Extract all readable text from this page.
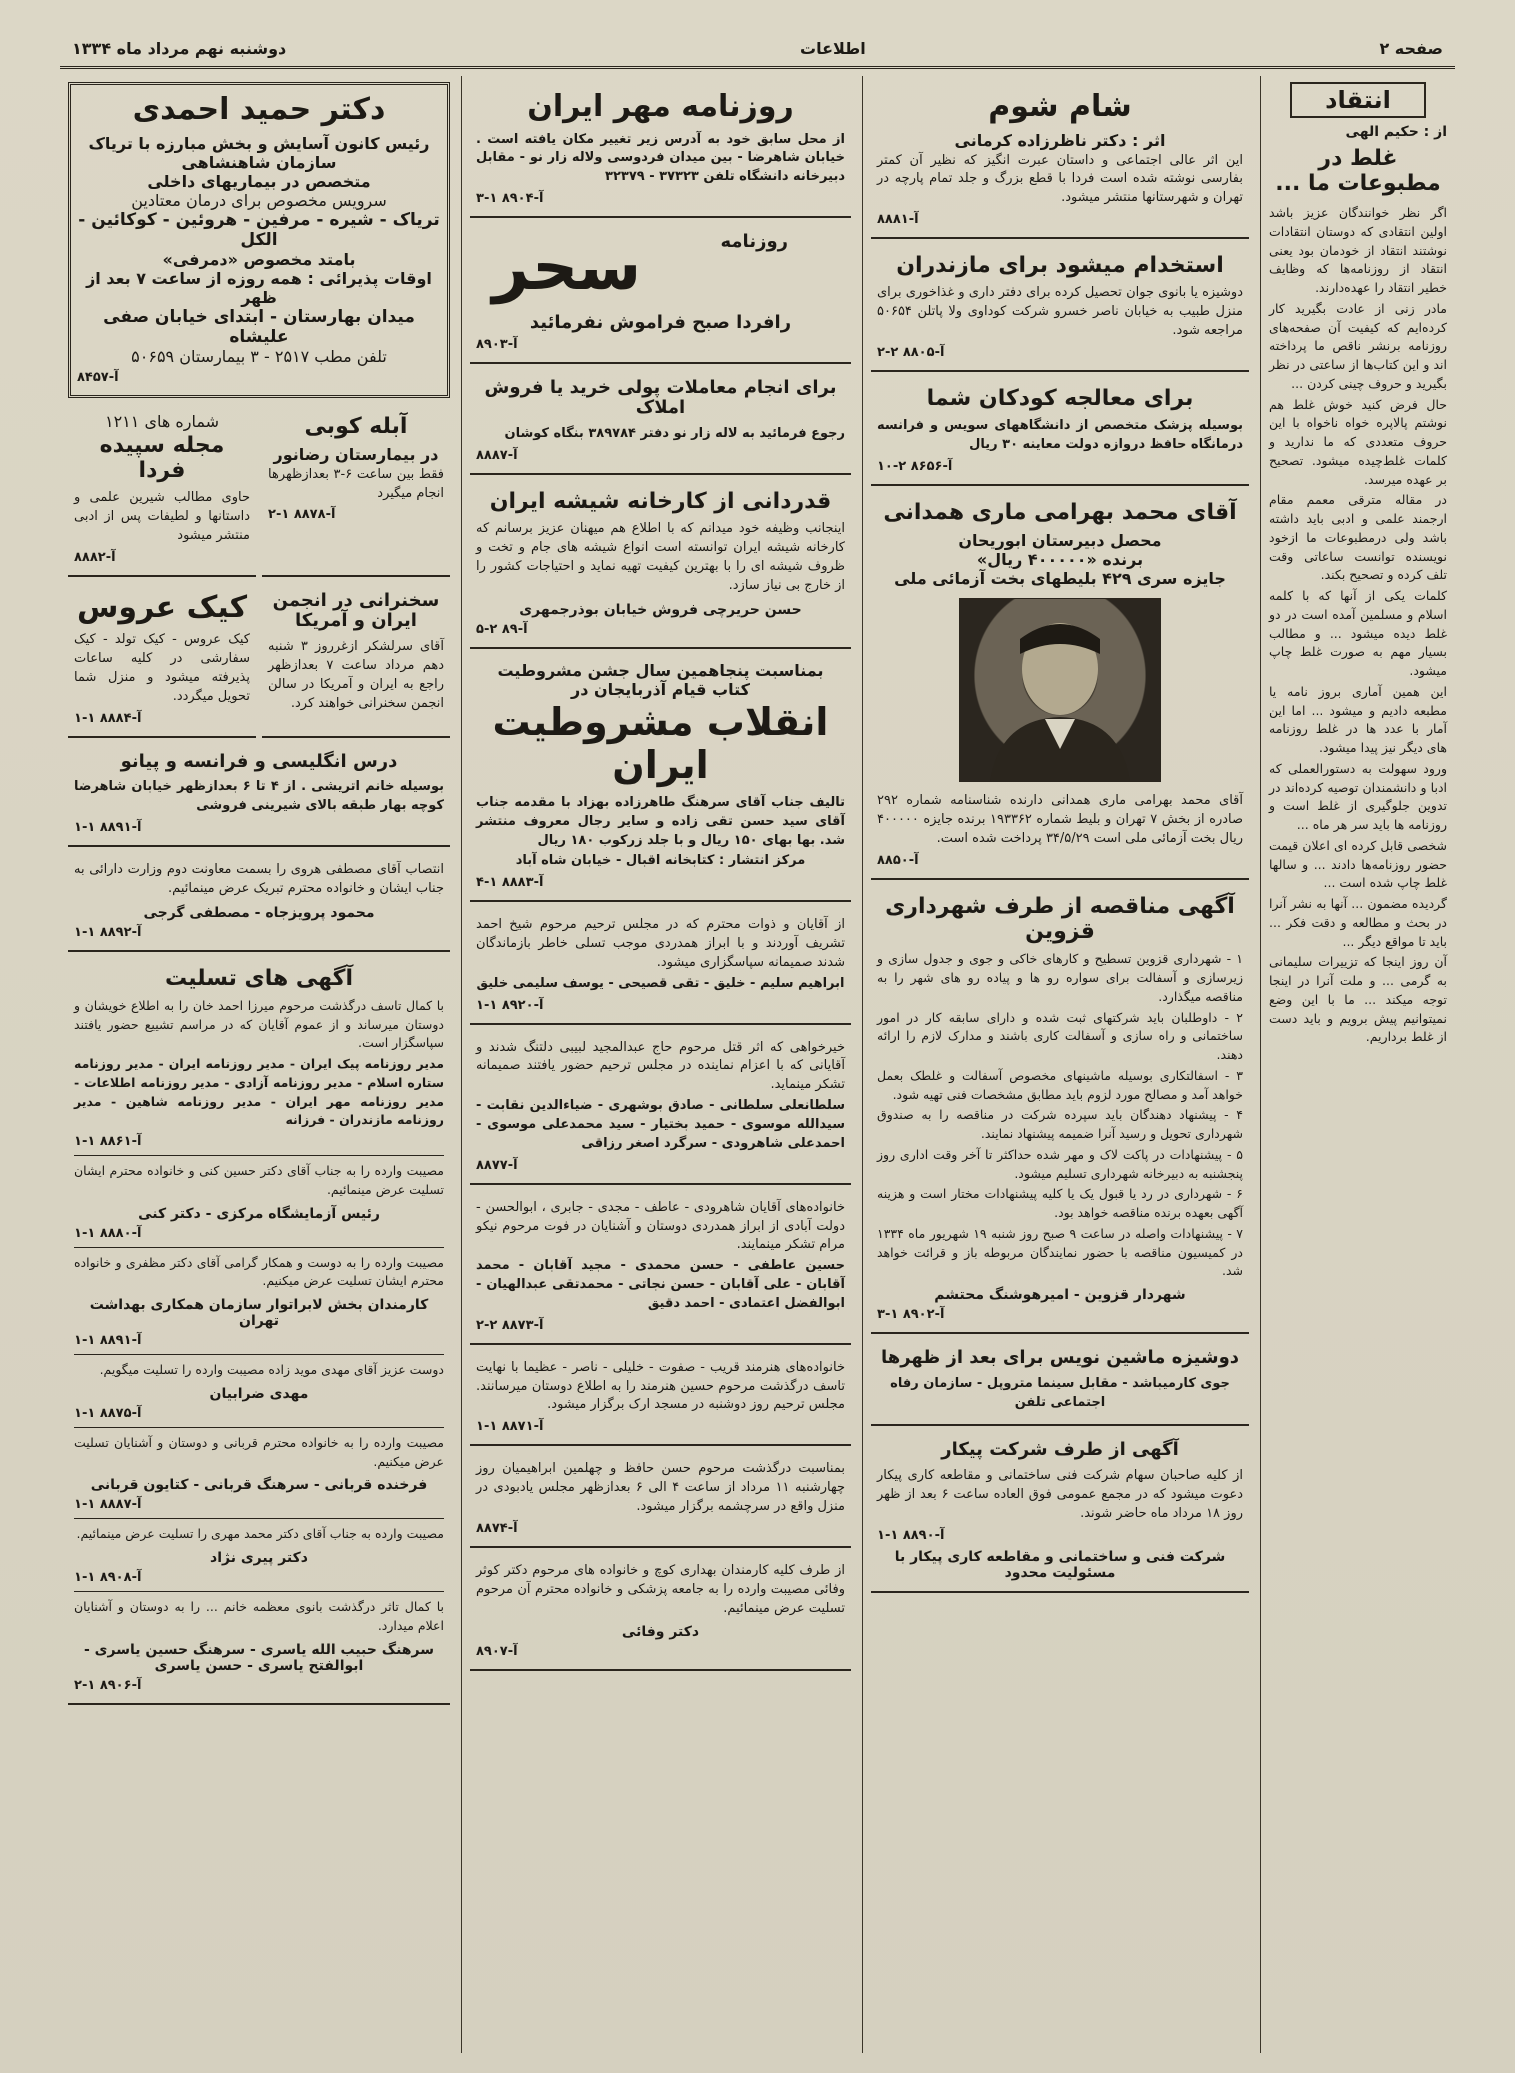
صفحه ۲
اطلاعات
دوشنبه نهم مرداد ماه ۱۳۳۴
انتقاد
از : حکیم الهی
غلط در مطبوعات ما ...

اگر نظر خوانندگان عزیز باشد اولین انتقادی که دوستان انتقادات نوشتند انتقاد از خودمان بود یعنی انتقاد از روزنامه‌ها که وظایف خطیر انتقاد را عهده‌دارند.

مادر زنی از عادت بگیرید کار کرده‌ایم که کیفیت آن صفحه‌های روزنامه برنشر ناقص ما پرداخته اند و این کتاب‌ها از ساعتی در نظر بگیرید و حروف چینی کردن ...

حال فرض کنید خوش غلط هم نوشتم پالاپره خواه ناخواه با این حروف متعددی که ما ندارید و کلمات غلط‌چیده میشود. تصحیح بر عهده میرسد.

در مقاله مترقی معمم مقام ارجمند علمی و ادبی باید داشته باشد ولی درمطبوعات ما ازخود نویسنده توانست ساعاتی وقت تلف کرده و تصحیح بکند.

کلمات یکی از آنها که با کلمه اسلام و مسلمین آمده است در دو غلط دیده میشود ... و مطالب بسیار مهم به صورت غلط چاپ میشود.

این همین آماری بروز نامه یا مطبعه دادیم و میشود ... اما این آمار با عدد ها در غلط روزنامه های دیگر نیز پیدا میشود.

ورود سهولت به دستورالعملی که ادبا و دانشمندان توصیه کرده‌اند در تدوین جلوگیری از غلط است و روزنامه ها باید سر هر ماه ...

شخصی قابل کرده ای اعلان قیمت حضور روزنامه‌ها دادند ... و سالها غلط چاپ شده است ...

گردیده مضمون ... آنها به نشر آنرا در بحث و مطالعه و دقت فکر ... باید تا مواقع دیگر ...

آن روز اینجا که تزییرات سلیمانی به گرمی ... و ملت آنرا در اینجا توجه میکند ... ما با این وضع نمیتوانیم پیش برویم و باید دست از غلط برداریم.

شام شوم
اثر : دکتر ناظرزاده کرمانی

این اثر عالی اجتماعی و داستان عبرت انگیز که نظیر آن کمتر بفارسی نوشته شده است فردا با قطع بزرگ و جلد تمام پارچه در تهران و شهرستانها منتشر میشود.

آ-۸۸۸۱
استخدام میشود برای مازندران

دوشیزه یا بانوی جوان تحصیل کرده برای دفتر داری و غذاخوری برای منزل طبیب به خیابان ناصر خسرو شرکت کوداوی ولا پاتلن ۵۰۶۵۴ مراجعه شود.

آ-۸۸۰۵ ۲-۲
برای معالجه کودکان شما

بوسیله پزشک متخصص از دانشگاههای سویس و فرانسه درمانگاه حافظ دروازه دولت معاینه ۳۰ ریال

آ-۸۶۵۶ ۲-۱۰
آقای محمد بهرامی ماری همدانی
محصل دبیرستان ابوریحان
برنده «۴۰۰۰۰۰ ریال»
جایزه سری ۴۲۹ بلیطهای بخت آزمائی ملی

آقای محمد بهرامی ماری همدانی دارنده شناسنامه شماره ۲۹۲ صادره از بخش ۷ تهران و بلیط شماره ۱۹۳۳۶۲ برنده جایزه ۴۰۰۰۰۰ ریال بخت آزمائی ملی است ۳۴/۵/۲۹ پرداخت شده است.

آ-۸۸۵۰
آگهی مناقصه از طرف شهرداری قزوین

۱ - شهرداری قزوین تسطیح و کارهای خاکی و جوی و جدول سازی و زیرسازی و آسفالت برای سواره رو ها و پیاده رو های شهر را به مناقصه میگذارد.

۲ - داوطلبان باید شرکتهای ثبت شده و دارای سابقه کار در امور ساختمانی و راه سازی و آسفالت کاری باشند و مدارک لازم را ارائه دهند.

۳ - اسفالتکاری بوسیله ماشینهای مخصوص آسفالت و غلطک بعمل خواهد آمد و مصالح مورد لزوم باید مطابق مشخصات فنی تهیه شود.

۴ - پیشنهاد دهندگان باید سپرده شرکت در مناقصه را به صندوق شهرداری تحویل و رسید آنرا ضمیمه پیشنهاد نمایند.

۵ - پیشنهادات در پاکت لاک و مهر شده حداکثر تا آخر وقت اداری روز پنجشنبه به دبیرخانه شهرداری تسلیم میشود.

۶ - شهرداری در رد یا قبول یک یا کلیه پیشنهادات مختار است و هزینه آگهی بعهده برنده مناقصه خواهد بود.

۷ - پیشنهادات واصله در ساعت ۹ صبح روز شنبه ۱۹ شهریور ماه ۱۳۳۴ در کمیسیون مناقصه با حضور نمایندگان مربوطه باز و قرائت خواهد شد.

شهردار قزوین - امیرهوشنگ محتشم
آ-۸۹۰۲ ۱-۳
دوشیزه ماشین نویس برای بعد از ظهرها

جوی کارمیباشد - مقابل سینما متروپل - سازمان رفاه اجتماعی تلفن

آگهی از طرف شرکت پیکار

از کلیه صاحبان سهام شرکت فنی ساختمانی و مقاطعه کاری پیکار دعوت میشود که در مجمع عمومی فوق العاده ساعت ۶ بعد از ظهر روز ۱۸ مرداد ماه حاضر شوند.

آ-۸۸۹۰ ۱-۱
شرکت فنی و ساختمانی و مقاطعه کاری پیکار با مسئولیت محدود
روزنامه مهر ایران

از محل سابق خود به آدرس زیر تغییر مکان یافته است . خیابان شاهرضا - بین میدان فردوسی ولاله زار نو - مقابل دبیرخانه دانشگاه تلفن ۳۷۳۲۳ - ۳۲۳۷۹

آ-۸۹۰۴ ۱-۳
روزنامه
سحر
رافردا صبح فراموش نفرمائید
آ-۸۹۰۳
برای انجام معاملات پولی خرید یا فروش املاک

رجوع فرمائید به لاله زار نو دفتر ۳۸۹۷۸۴ بنگاه کوشان

آ-۸۸۸۷
قدردانی از کارخانه شیشه ایران

اینجانب وظیفه خود میدانم که با اطلاع هم میهنان عزیز برسانم که کارخانه شیشه ایران توانسته است انواع شیشه های جام و تخت و ظروف شیشه ای را با بهترین کیفیت تهیه نماید و احتیاجات کشور را از خارج بی نیاز سازد.

حسن حریرچی فروش خیابان بوذرجمهری
آ-۸۹ ۲-۵
بمناسبت پنجاهمین سال جشن مشروطیت
کتاب قیام آذربایجان در
انقلاب مشروطیت ایران

تالیف جناب آقای سرهنگ طاهرزاده بهزاد با مقدمه جناب آقای سید حسن تقی زاده و سایر رجال معروف منتشر شد. بها بهای ۱۵۰ ریال و با جلد زرکوب ۱۸۰ ریال

مرکز انتشار : کتابخانه اقبال - خیابان شاه آباد

آ-۸۸۸۳ ۱-۴

از آقایان و ذوات محترم که در مجلس ترحیم مرحوم شیخ احمد تشریف آوردند و با ابراز همدردی موجب تسلی خاطر بازماندگان شدند صمیمانه سپاسگزاری میشود.

ابراهیم سلیم - خلیق - تقی قصیحی - یوسف سلیمی خلیق

آ-۸۹۲۰ ۱-۱

خیرخواهی که اثر قتل مرحوم حاج عبدالمجید لبیبی دلتنگ شدند و آقایانی که با اعزام نماینده در مجلس ترحیم حضور یافتند صمیمانه تشکر مینماید.

سلطانعلی سلطانی - صادق بوشهری - ضیاءالدین نقابت - سیدالله موسوی - حمید بختیار - سید محمدعلی موسوی - احمدعلی شاهرودی - سرگرد اصغر رزاقی

آ-۸۸۷۷

خانواده‌های آقایان شاهرودی - عاطف - مجدی - جابری ، ابوالحسن - دولت آبادی از ابراز همدردی دوستان و آشنایان در فوت مرحوم نیکو مرام تشکر مینمایند.

حسین عاطفی - حسن محمدی - مجید آقابان - محمد آقابان - علی آقابان - حسن نجاتی - محمدتقی عبدالهیان - ابوالفضل اعتمادی - احمد دقیق

آ-۸۸۷۳ ۲-۲

خانواده‌های هنرمند قریب - صفوت - خلیلی - ناصر - عظیما با نهایت تاسف درگذشت مرحوم حسین هنرمند را به اطلاع دوستان میرسانند. مجلس ترحیم روز دوشنبه در مسجد ارک برگزار میشود.

آ-۸۸۷۱ ۱-۱

بمناسبت درگذشت مرحوم حسن حافظ و چهلمین ابراهیمیان روز چهارشنبه ۱۱ مرداد از ساعت ۴ الی ۶ بعدازظهر مجلس یادبودی در منزل واقع در سرچشمه برگزار میشود.

آ-۸۸۷۴

از طرف کلیه کارمندان بهداری کوچ و خانواده های مرحوم دکتر کوثر وفائی مصیبت وارده را به جامعه پزشکی و خانواده محترم آن مرحوم تسلیت عرض مینمائیم.

دکتر وفائی
آ-۸۹۰۷
دکتر حمید احمدی
رئیس کانون آسایش و بخش مبارزه با تریاک سازمان شاهنشاهی
متخصص در بیماریهای داخلی
سرویس مخصوص برای درمان معتادین
تریاک - شیره - مرفین - هروئین - کوکائین - الکل
بامتد مخصوص «دمرفی»
اوقات پذیرائی : همه روزه از ساعت ۷ بعد از ظهر
میدان بهارستان - ابتدای خیابان صفی علیشاه
تلفن مطب ۲۵۱۷ - ۳ بیمارستان ۵۰۶۵۹
آ-۸۴۵۷
آبله کوبی
در بیمارستان رضانور

فقط بین ساعت ۶-۳ بعدازظهرها انجام میگیرد

آ-۸۸۷۸ ۱-۲
شماره های ۱۲۱۱
مجله سپیده فردا

حاوی مطالب شیرین علمی و داستانها و لطیفات پس از ادبی منتشر میشود

آ-۸۸۸۲
سخنرانی در انجمن ایران و آمریکا

آقای سرلشکر ازغرروز ۳ شنبه دهم مرداد ساعت ۷ بعدازظهر راجع به ایران و آمریکا در سالن انجمن سخنرانی خواهند کرد.

کیک عروس

کیک عروس - کیک تولد - کیک سفارشی در کلیه ساعات پذیرفته میشود و منزل شما تحویل میگردد.

آ-۸۸۸۴ ۱-۱
درس انگلیسی و فرانسه و پیانو

بوسیله خانم اتریشی . از ۴ تا ۶ بعدازظهر خیابان شاهرضا کوچه بهار طبقه بالای شیرینی فروشی

آ-۸۸۹۱ ۱-۱

انتصاب آقای مصطفی هروی را بسمت معاونت دوم وزارت دارائی به جناب ایشان و خانواده محترم تبریک عرض مینمائیم.

محمود پرویزجاه - مصطفی گرجی
آ-۸۸۹۲ ۱-۱
آگهی های تسلیت

با کمال تاسف درگذشت مرحوم میرزا احمد خان را به اطلاع خویشان و دوستان میرساند و از عموم آقایان که در مراسم تشییع حضور یافتند سپاسگزار است.

مدیر روزنامه پیک ایران - مدیر روزنامه ایران - مدیر روزنامه ستاره اسلام - مدیر روزنامه آزادی - مدیر روزنامه اطلاعات - مدیر روزنامه مهر ایران - مدیر روزنامه شاهین - مدیر روزنامه مازندران - فرزانه

آ-۸۸۶۱ ۱-۱

مصیبت وارده را به جناب آقای دکتر حسین کنی و خانواده محترم ایشان تسلیت عرض مینمائیم.

رئیس آزمایشگاه مرکزی - دکتر کنی
آ-۸۸۸۰ ۱-۱

مصیبت وارده را به دوست و همکار گرامی آقای دکتر مظفری و خانواده محترم ایشان تسلیت عرض میکنیم.

کارمندان بخش لابراتوار سازمان همکاری بهداشت تهران
آ-۸۸۹۱ ۱-۱

دوست عزیز آقای مهدی موید زاده مصیبت وارده را تسلیت میگویم.

مهدی ضرابیان
آ-۸۸۷۵ ۱-۱

مصیبت وارده را به خانواده محترم قربانی و دوستان و آشنایان تسلیت عرض میکنیم.

فرخنده قربانی - سرهنگ قربانی - کتایون قربانی
آ-۸۸۸۷ ۱-۱

مصیبت وارده به جناب آقای دکتر محمد مهری را تسلیت عرض مینمائیم.

دکتر پیری نژاد
آ-۸۹۰۸ ۱-۱

با کمال تاثر درگذشت بانوی معظمه خانم ... را به دوستان و آشنایان اعلام میدارد.

سرهنگ حبیب الله یاسری - سرهنگ حسین یاسری - ابوالفتح یاسری - حسن یاسری
آ-۸۹۰۶ ۱-۲
